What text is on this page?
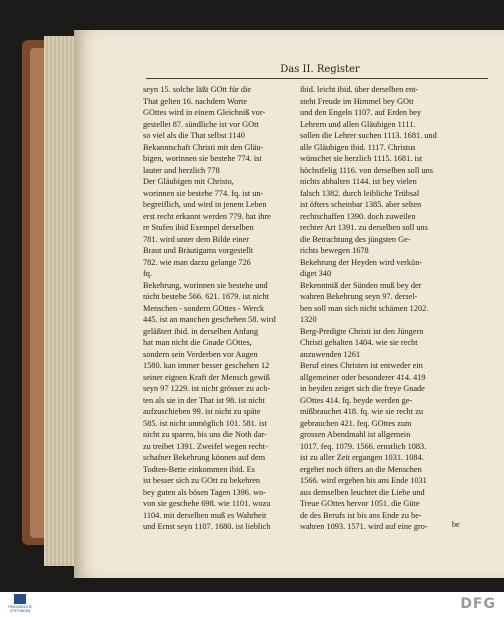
Das II. Register
seyn 15. solche läßt GOtt für die
That gelten 16. nachdem Worte
GOttes wird in einem Gleichniß vor-
gestellet 87. sündliche ist vor GOtt
so viel als die That selbst 1140
Bekanntschaft Christi mit den Gläu-
bigen, worinnen sie bestehe 774. ist
lauter und herzlich 778
Der Gläubigen mit Christo,
worinnen sie bestehe 774. fq. ist un-
begreiflich, und wird in jenem Leben
erst recht erkannt werden 779. hat ihre
re Stufen ibid Exempel derselben
781. wird unter dem Bilde einer
Braut und Bräutigams vorgestellt
782. wie man darzu gelange 726
fq.
Bekehrung, worinnen sie bestehe und
nicht bestehe 566. 621. 1679. ist nicht
Menschen - sondern GOttes - Werck
445. ist an manchen geschehen 58. wird
geläßtert ibid. in derselben Anfang
hat man nicht die Gnade GOttes,
sondern sein Verderben vor Augen
1580. kan immer besser geschehen 12
seiner eignen Kraft der Mensch gewiß
seyn 97 1229. ist nicht grösser zu ach-
ten als sie in der That ist 98. ist nicht
aufzuschieben 99. ist nicht zu späte
585. ist nicht unmöglich 101. 581. ist
nicht zu sparen, bis uns die Noth dar-
zu treibet 1391. Zweifel wegen recht-
schafner Bekehrung können auf dem
Todten-Bette einkommen ibid. Es
ist besser sich zu GOtt zu bekehren
bey guten als bösen Tagen 1396. wo-
von sie geschehe 698. wie 1101. wozu
1104. mit derselben muß es Wahrheit
und Ernst seyn 1107. 1680. ist lieblich
ibid. leicht ibid. über derselben ent-
steht Freude im Himmel bey GOtt
und den Engeln 1107. auf Erden bey
Lehrern und allen Gläubigen 1111.
sollen die Lehrer suchen 1113. 1681. und
alle Gläubigen ibid. 1117. Christus
wünschet sie herzlich 1115. 1681. ist
höchstfelig 1116. von derselben soll uns
nichts abhalten 1144. ist bey vielen
falsch 1382. durch leibliche Trübsal
ist öfters scheinbar 1385. aber selten
rechtschaffen 1390. doch zuweilen
rechter Art 1391. zu derselben soll uns
die Betrachtung des jüngsten Ge-
richts bewegen 1678
Bekehrung der Heyden wird verkün-
diget 340
Bekenntniß der Sünden muß bey der
wahren Bekehrung seyn 97. dersel-
ben soll man sich nicht schämen 1202.
1320
Berg-Predigte Christi ist den Jüngern
Christi gehalten 1404. wie sie recht
anzuwenden 1261
Beruf eines Christen ist entweder ein
allgemeiner oder besonderer 414. 419
in beyden zeiget sich die freye Gnade
GOttes 414. fq. beyde werden ge-
mißbrauchet 418. fq. wie sie recht zu
gebrauchen 421. feq. GOttes zum
grossen Abendmahl ist allgemein
1017. feq. 1079. 1566. ernstlich 1083.
ist zu aller Zeit ergangen 1031. 1084.
ergehet noch öfters an die Menschen
1566. wird ergehen bis ans Ende 1031
aus demselben leuchtet die Liebe und
Treue GOttes hervor 1051. die Güte
de des Berufs ist bis ans Ende zu be-
wahren 1093. 1571. wird auf eine gro-	be
FRANCKESCHE
STIFTUNGEN	DFG
